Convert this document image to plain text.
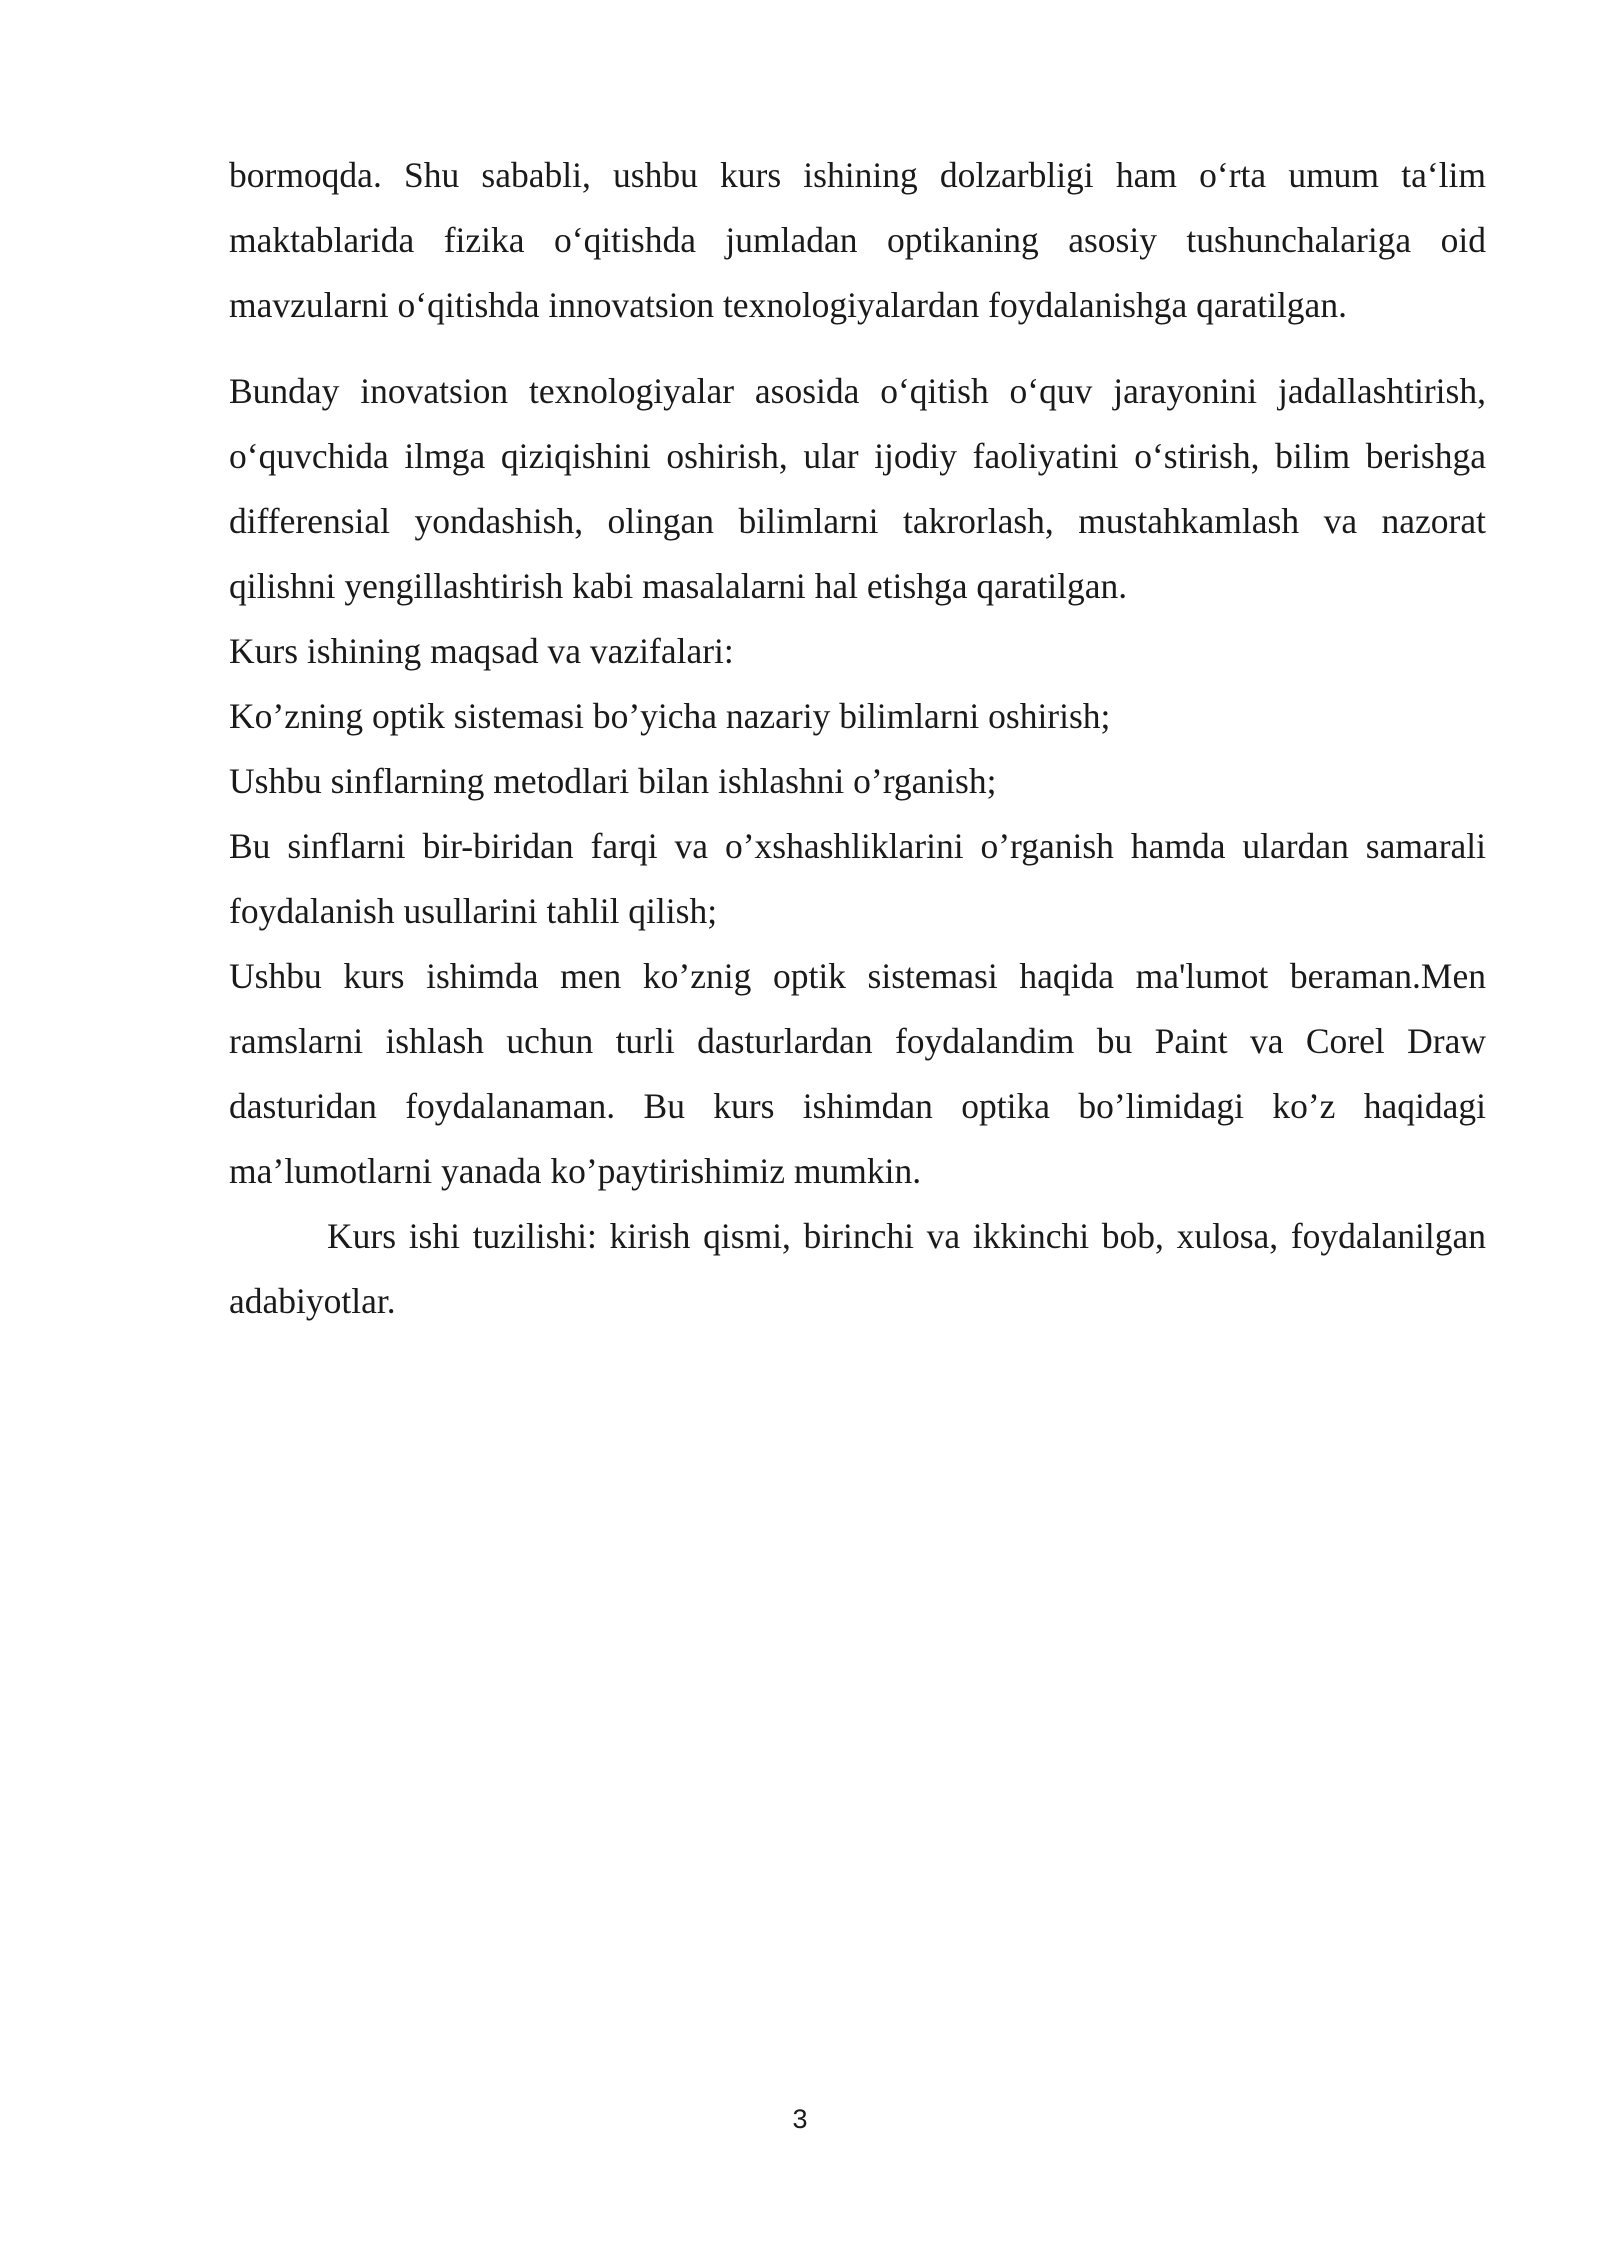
bormoqda. Shu sababli, ushbu kurs ishining dolzarbligi ham o‘rta umum ta‘lim maktablarida fizika o‘qitishda jumladan optikaning asosiy tushunchalariga oid mavzularni o‘qitishda innovatsion texnologiyalardan foydalanishga qaratilgan.

Bunday inovatsion texnologiyalar asosida o‘qitish o‘quv jarayonini jadallashtirish, o‘quvchida ilmga qiziqishini oshirish, ular ijodiy faoliyatini o‘stirish, bilim berishga differensial yondashish, olingan bilimlarni takrorlash, mustahkamlash va nazorat qilishni yengillashtirish kabi masalalarni hal etishga qaratilgan.

Kurs ishining maqsad va vazifalari:

Ko’zning optik sistemasi bo’yicha nazariy bilimlarni oshirish;

Ushbu sinflarning metodlari bilan ishlashni o’rganish;

Bu sinflarni bir-biridan farqi va o’xshashliklarini o’rganish hamda ulardan samarali foydalanish usullarini tahlil qilish;

Ushbu kurs ishimda men ko’znig optik sistemasi haqida ma'lumot beraman.Men ramslarni ishlash uchun turli dasturlardan foydalandim bu Paint va Corel Draw dasturidan foydalanaman. Bu kurs ishimdan optika bo’limidagi ko’z haqidagi ma’lumotlarni yanada ko’paytirishimiz mumkin.

Kurs ishi tuzilishi: kirish qismi, birinchi va ikkinchi bob, xulosa, foydalanilgan adabiyotlar.

3
